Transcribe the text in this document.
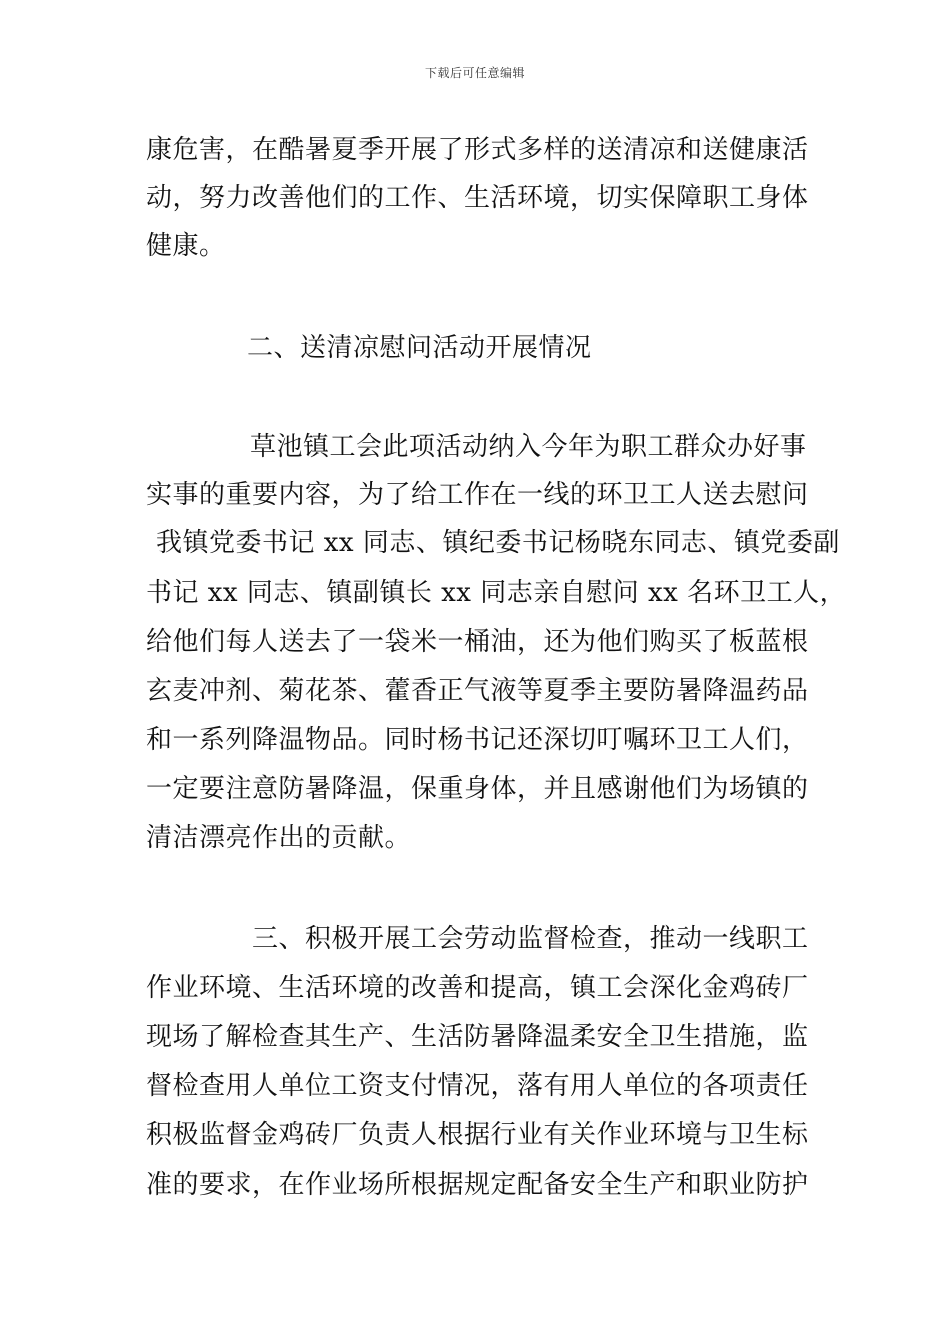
下载后可任意编辑
康危害，在酷暑夏季开展了形式多样的送清凉和送健康活
动，努力改善他们的工作、生活环境，切实保障职工身体
健康。
二、送清凉慰问活动开展情况
草池镇工会此项活动纳入今年为职工群众办好事
实事的重要内容，为了给工作在一线的环卫工人送去慰问
我镇党委书记 xx 同志、镇纪委书记杨晓东同志、镇党委副
书记 xx 同志、镇副镇长 xx 同志亲自慰问 xx 名环卫工人，
给他们每人送去了一袋米一桶油，还为他们购买了板蓝根
玄麦冲剂、菊花茶、藿香正气液等夏季主要防暑降温药品
和一系列降温物品。同时杨书记还深切叮嘱环卫工人们，
一定要注意防暑降温，保重身体，并且感谢他们为场镇的
清洁漂亮作出的贡献。
三、积极开展工会劳动监督检查，推动一线职工
作业环境、生活环境的改善和提高，镇工会深化金鸡砖厂
现场了解检查其生产、生活防暑降温柔安全卫生措施，监
督检查用人单位工资支付情况，落有用人单位的各项责任
积极监督金鸡砖厂负责人根据行业有关作业环境与卫生标
准的要求，在作业场所根据规定配备安全生产和职业防护
